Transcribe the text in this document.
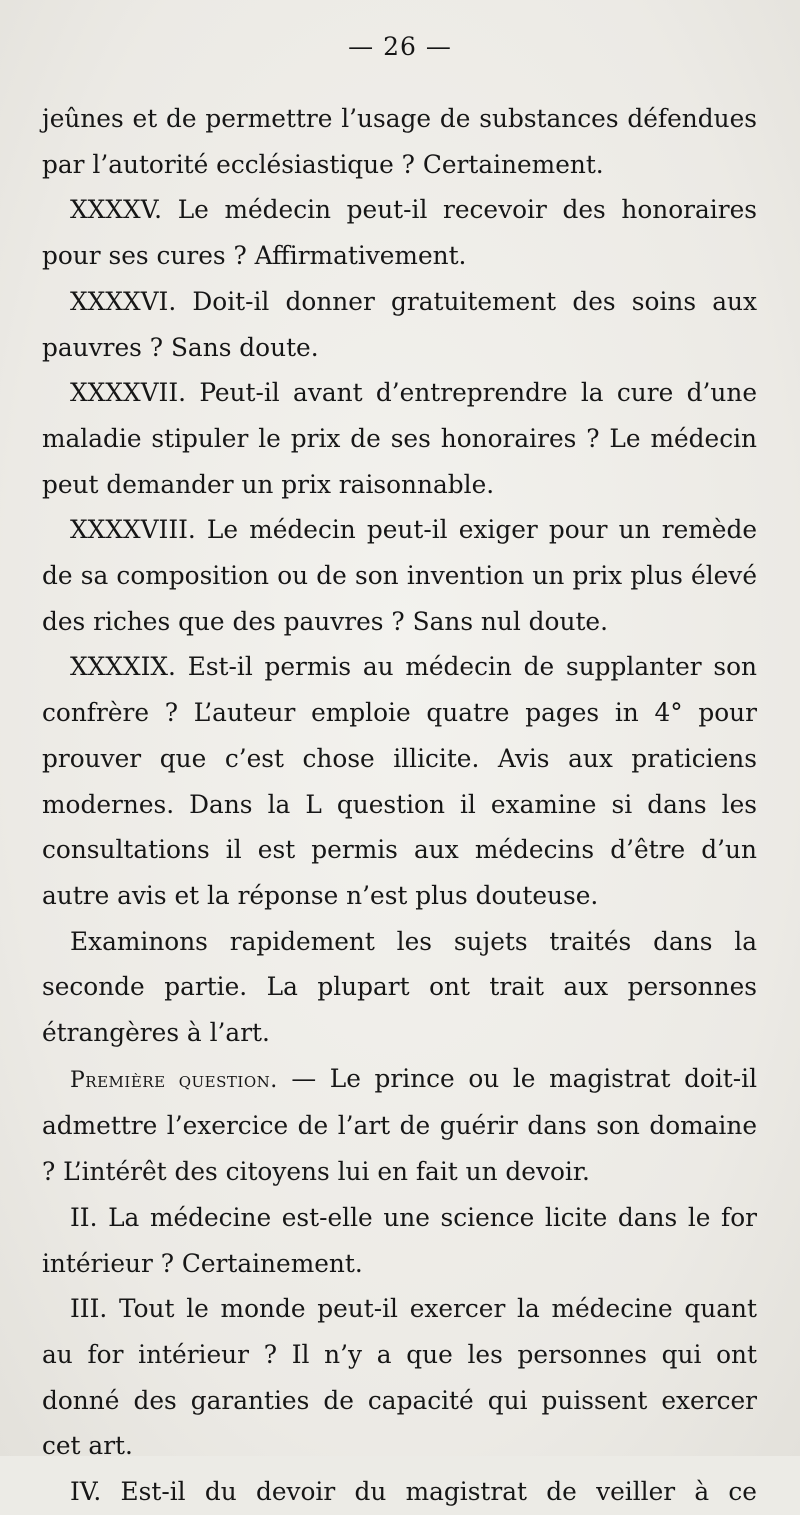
— 26 —

jeûnes et de permettre l’usage de substances défendues par l’autorité ecclésiastique ? Certainement.

XXXXV. Le médecin peut-il recevoir des honoraires pour ses cures ? Affirmativement.

XXXXVI. Doit-il donner gratuitement des soins aux pauvres ? Sans doute.

XXXXVII. Peut-il avant d’entreprendre la cure d’une maladie stipuler le prix de ses honoraires ? Le médecin peut demander un prix raisonnable.

XXXXVIII. Le médecin peut-il exiger pour un remède de sa composition ou de son invention un prix plus élevé des riches que des pauvres ? Sans nul doute.

XXXXIX. Est-il permis au médecin de supplanter son confrère ? L’auteur emploie quatre pages in 4° pour prouver que c’est chose illicite. Avis aux praticiens modernes. Dans la L question il examine si dans les consultations il est permis aux médecins d’être d’un autre avis et la réponse n’est plus douteuse.

Examinons rapidement les sujets traités dans la seconde partie. La plupart ont trait aux personnes étrangères à l’art.

Première question. — Le prince ou le magistrat doit-il admettre l’exercice de l’art de guérir dans son domaine ? L’intérêt des citoyens lui en fait un devoir.

II. La médecine est-elle une science licite dans le for intérieur ? Certainement.

III. Tout le monde peut-il exercer la médecine quant au for intérieur ? Il n’y a que les personnes qui ont donné des garanties de capacité qui puissent exercer cet art.

IV. Est-il du devoir du magistrat de veiller à ce
